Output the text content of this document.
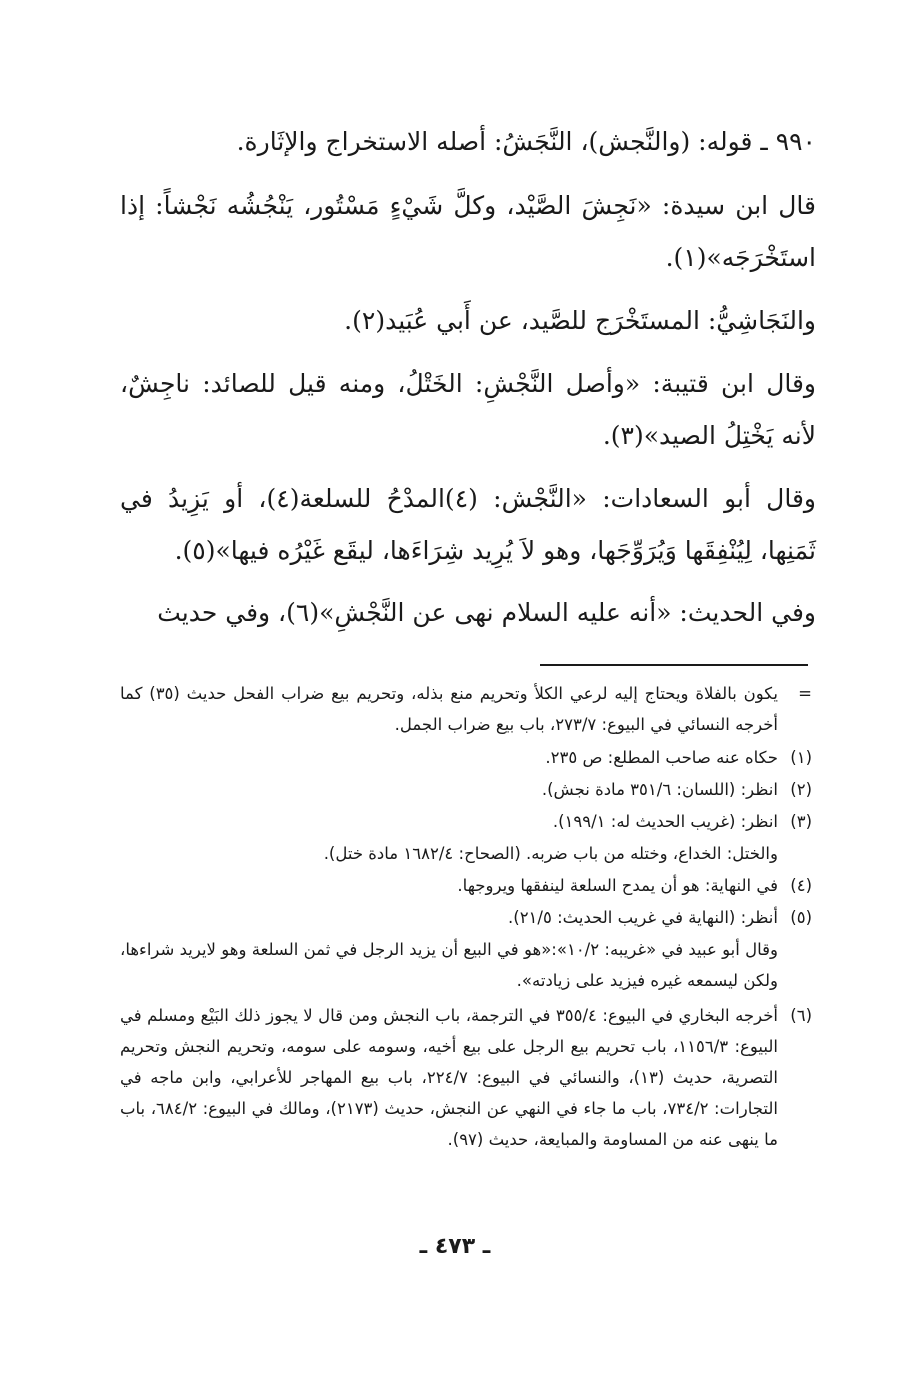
٩٩٠ ـ قوله: (والنَّجش)، النَّجَشُ: أصله الاستخراج والإثَارة.

قال ابن سيدة: «نَجِشَ الصَّيْد، وكلَّ شَيْءٍ مَسْتُور، يَنْجُشُه نَجْشاً: إذا استَخْرَجَه»(١).

والنَجَاشِيُّ: المستَخْرَج للصَّيد، عن أَبي عُبَيد(٢).

وقال ابن قتيبة: «وأصل النَّجْشِ: الخَتْلُ، ومنه قيل للصائد: ناجِشٌ، لأنه يَخْتِلُ الصيد»(٣).

وقال أبو السعادات: «النَّجْش: (٤)المدْحُ للسلعة(٤)، أو يَزِيدُ في ثَمَنِها، لِيُنْفِقَها وَيُرَوِّجَها، وهو لاَ يُرِيد شِرَاءَها، ليقَع غَيْرُه فيها»(٥).

وفي الحديث: «أنه عليه السلام نهى عن النَّجْشِ»(٦)، وفي حديث

=
يكون بالفلاة ويحتاج إليه لرعي الكلأ وتحريم منع بذله، وتحريم بيع ضراب الفحل حديث (٣٥) كما أخرجه النسائي في البيوع: ٢٧٣/٧، باب بيع ضراب الجمل.
(١)
حكاه عنه صاحب المطلع: ص ٢٣٥.
(٢)
انظر: (اللسان: ٣٥١/٦ مادة نجش).
(٣)
انظر: (غريب الحديث له: ١٩٩/١).
والختل: الخداع، وختله من باب ضربه. (الصحاح: ١٦٨٢/٤ مادة ختل).
(٤)
في النهاية: هو أن يمدح السلعة لينفقها ويروجها.
(٥)
أنظر: (النهاية في غريب الحديث: ٢١/٥).
وقال أبو عبيد في «غريبه: ١٠/٢»:«هو في البيع أن يزيد الرجل في ثمن السلعة وهو لايريد شراءها، ولكن ليسمعه غيره فيزيد على زيادته».
(٦)
أخرجه البخاري في البيوع: ٣٥٥/٤ في الترجمة، باب النجش ومن قال لا يجوز ذلك البَيْع ومسلم في البيوع: ١١٥٦/٣، باب تحريم بيع الرجل على بيع أخيه، وسومه على سومه، وتحريم النجش وتحريم التصرية، حديث (١٣)، والنسائي في البيوع: ٢٢٤/٧، باب بيع المهاجر للأعرابي، وابن ماجه في التجارات: ٧٣٤/٢، باب ما جاء في النهي عن النجش، حديث (٢١٧٣)، ومالك في البيوع: ٦٨٤/٢، باب ما ينهى عنه من المساومة والمبايعة، حديث (٩٧).
ـ ٤٧٣ ـ
